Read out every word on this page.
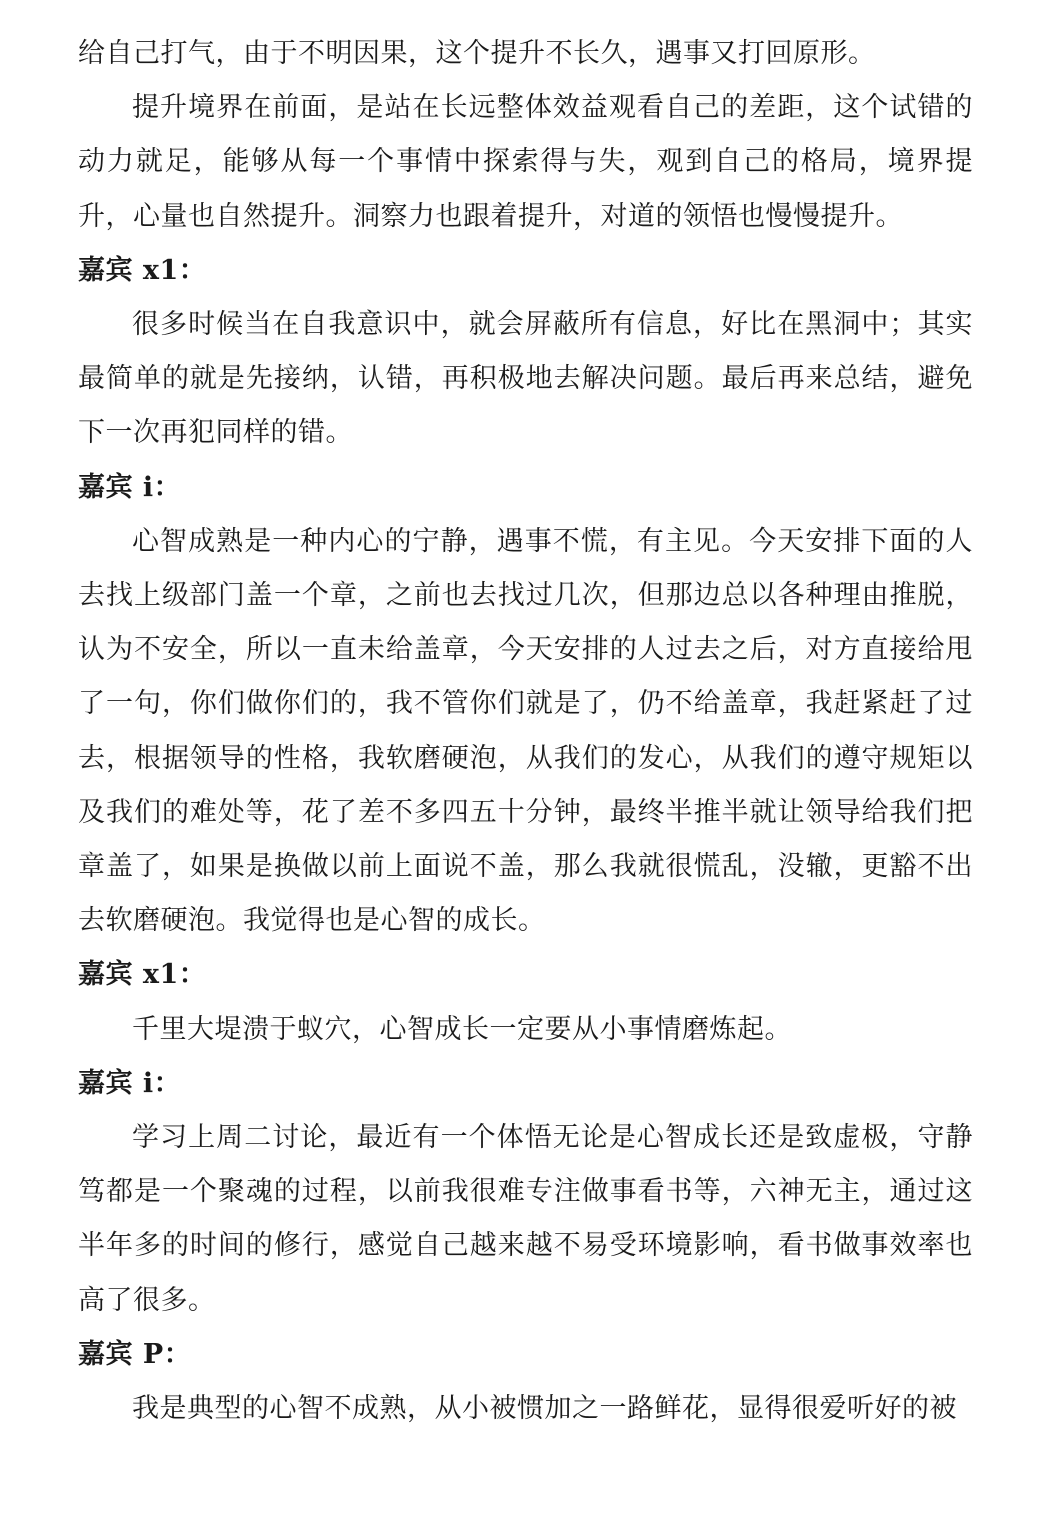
给自己打气，由于不明因果，这个提升不长久，遇事又打回原形。

提升境界在前面，是站在长远整体效益观看自己的差距，这个试错的动力就足，能够从每一个事情中探索得与失，观到自己的格局，境界提升，心量也自然提升。洞察力也跟着提升，对道的领悟也慢慢提升。

嘉宾 x1：

很多时候当在自我意识中，就会屏蔽所有信息，好比在黑洞中；其实最简单的就是先接纳，认错，再积极地去解决问题。最后再来总结，避免下一次再犯同样的错。

嘉宾 i：

心智成熟是一种内心的宁静，遇事不慌，有主见。今天安排下面的人去找上级部门盖一个章，之前也去找过几次，但那边总以各种理由推脱，认为不安全，所以一直未给盖章，今天安排的人过去之后，对方直接给甩了一句，你们做你们的，我不管你们就是了，仍不给盖章，我赶紧赶了过去，根据领导的性格，我软磨硬泡，从我们的发心，从我们的遵守规矩以及我们的难处等，花了差不多四五十分钟，最终半推半就让领导给我们把章盖了，如果是换做以前上面说不盖，那么我就很慌乱，没辙，更豁不出去软磨硬泡。我觉得也是心智的成长。

嘉宾 x1：

千里大堤溃于蚁穴，心智成长一定要从小事情磨炼起。

嘉宾 i：

学习上周二讨论，最近有一个体悟无论是心智成长还是致虚极，守静笃都是一个聚魂的过程，以前我很难专注做事看书等，六神无主，通过这半年多的时间的修行，感觉自己越来越不易受环境影响，看书做事效率也高了很多。

嘉宾 P：

我是典型的心智不成熟，从小被惯加之一路鲜花，显得很爱听好的被
